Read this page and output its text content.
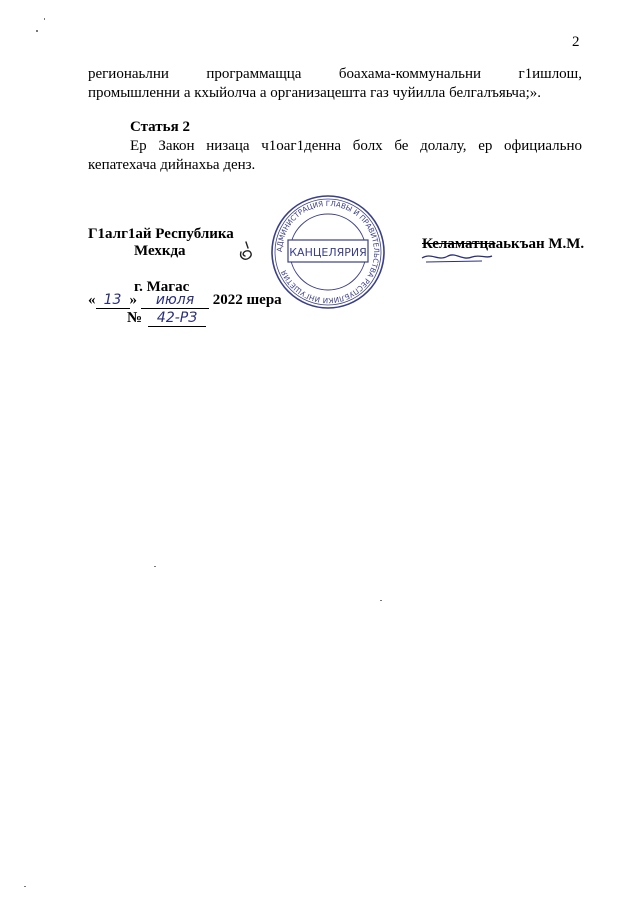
2
регионаьлни программащца боахама-коммунальни г1ишлош,
промышленни а кхыйолча а организацешта газ чуйилла белгалъяьча;».
Статья 2
Ер Закон низаца ч1оаг1денна болх бе долалу, ер официально кепатехача дийнахьа денз.
Г1алг1ай Республика
Мехкда
г. Магас
« 13 » июля 2022 шера
№ 42-РЗ
АДМИНИСТРАЦИЯ ГЛАВЫ И ПРАВИТЕЛЬСТВА РЕСПУБЛИКИ ИНГУШЕТИЯ
КАНЦЕЛЯРИЯ
Келаматцааькъан М.М.
